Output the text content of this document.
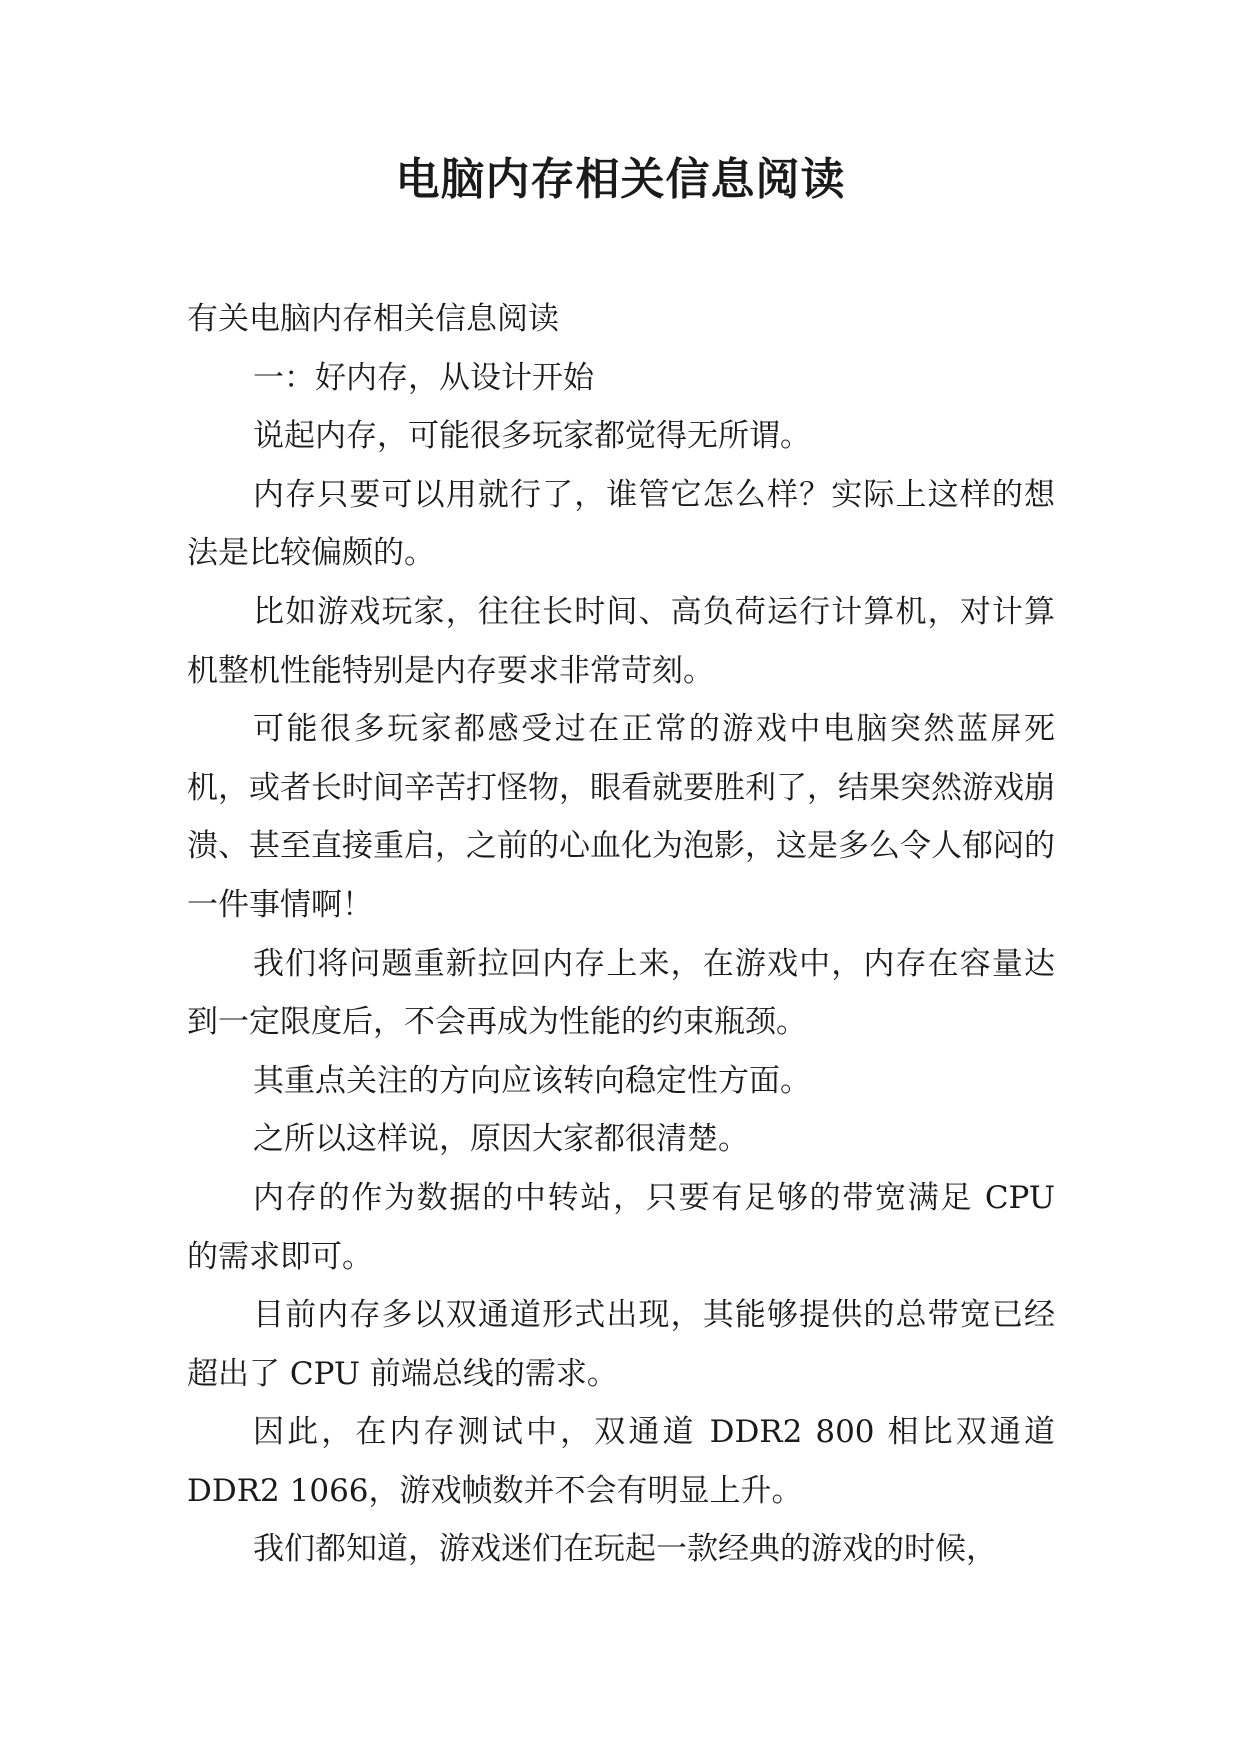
电脑内存相关信息阅读

有关电脑内存相关信息阅读

一：好内存，从设计开始

说起内存，可能很多玩家都觉得无所谓。

内存只要可以用就行了，谁管它怎么样？实际上这样的想法是比较偏颇的。

比如游戏玩家，往往长时间、高负荷运行计算机，对计算机整机性能特别是内存要求非常苛刻。

可能很多玩家都感受过在正常的游戏中电脑突然蓝屏死机，或者长时间辛苦打怪物，眼看就要胜利了，结果突然游戏崩溃、甚至直接重启，之前的心血化为泡影，这是多么令人郁闷的一件事情啊！

我们将问题重新拉回内存上来，在游戏中，内存在容量达到一定限度后，不会再成为性能的约束瓶颈。

其重点关注的方向应该转向稳定性方面。

之所以这样说，原因大家都很清楚。

内存的作为数据的中转站，只要有足够的带宽满足 CPU 的需求即可。

目前内存多以双通道形式出现，其能够提供的总带宽已经超出了 CPU 前端总线的需求。

因此，在内存测试中，双通道 DDR2 800 相比双通道 DDR2 1066，游戏帧数并不会有明显上升。

我们都知道，游戏迷们在玩起一款经典的游戏的时候，
